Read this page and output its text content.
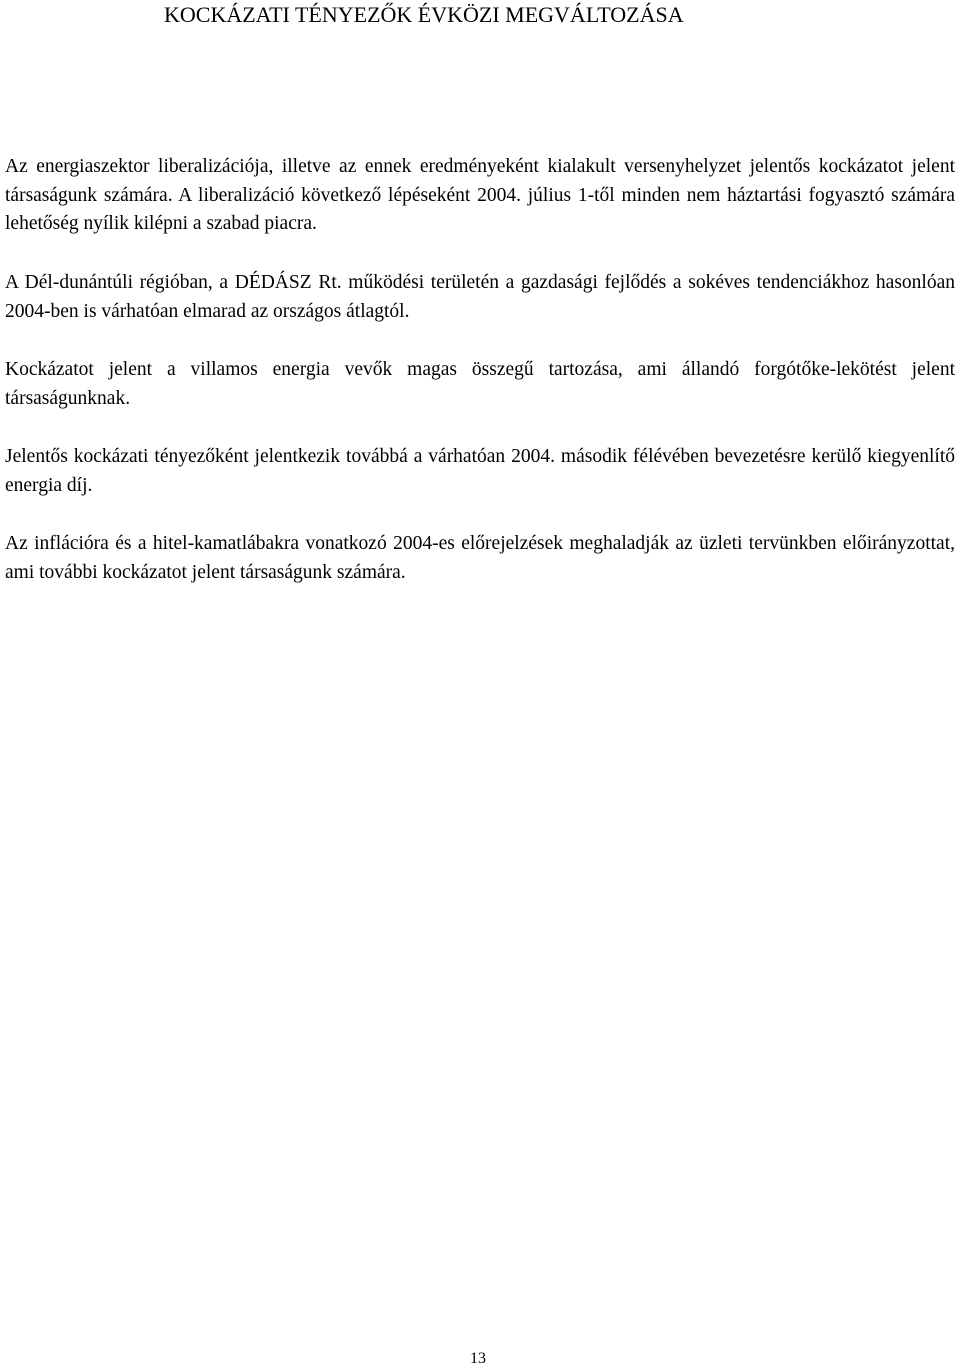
KOCKÁZATI TÉNYEZŐK ÉVKÖZI MEGVÁLTOZÁSA

Az energiaszektor liberalizációja, illetve az ennek eredményeként kialakult versenyhelyzet jelentős kockázatot jelent társaságunk számára. A liberalizáció következő lépéseként 2004. július 1-től minden nem háztartási fogyasztó számára lehetőség nyílik kilépni a szabad piacra.

A Dél-dunántúli régióban, a DÉDÁSZ Rt. működési területén a gazdasági fejlődés a sokéves tendenciákhoz hasonlóan 2004-ben is várhatóan elmarad az országos átlagtól.

Kockázatot jelent a villamos energia vevők magas összegű tartozása, ami állandó forgótőke-lekötést jelent társaságunknak.

Jelentős kockázati tényezőként jelentkezik továbbá a várhatóan 2004. második félévében bevezetésre kerülő kiegyenlítő energia díj.

Az inflációra és a hitel-kamatlábakra vonatkozó 2004-es előrejelzések meghaladják az üzleti tervünkben előirányzottat, ami további kockázatot jelent társaságunk számára.

13
